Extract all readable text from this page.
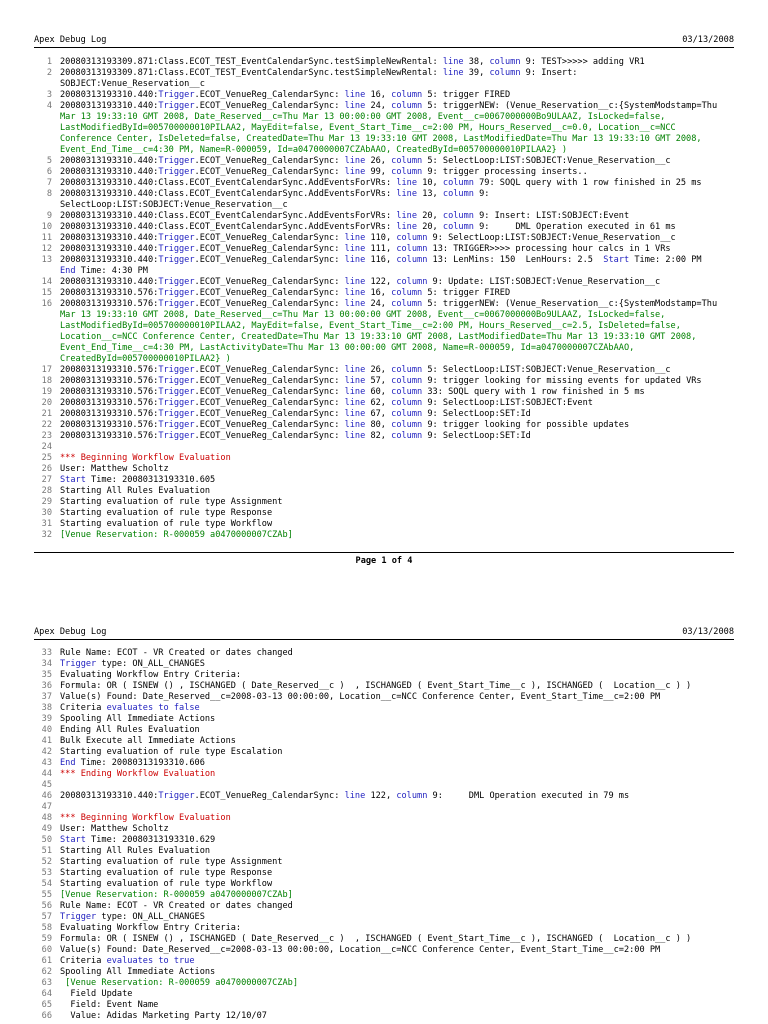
Apex Debug Log	03/13/2008
1 20080313193309.871:Class.ECOT_TEST_EventCalendarSync.testSimpleNewRental: line 38, column 9: TEST>>>>> adding VR1
2 20080313193309.871:Class.ECOT_TEST_EventCalendarSync.testSimpleNewRental: line 39, column 9: Insert:
SOBJECT:Venue_Reservation__c
3 20080313193310.440:Trigger.ECOT_VenueReg_CalendarSync: line 16, column 5: trigger FIRED
4 20080313193310.440:Trigger.ECOT_VenueReg_CalendarSync: line 24, column 5: triggerNEW: (Venue_Reservation__c:{SystemModstamp=Thu
Mar 13 19:33:10 GMT 2008, Date_Reserved__c=Thu Mar 13 00:00:00 GMT 2008, Event__c=0067000000Bo9ULAAZ, IsLocked=false,
LastModifiedById=005700000010PILAA2, MayEdit=false, Event_Start_Time__c=2:00 PM, Hours_Reserved__c=0.0, Location__c=NCC
Conference Center, IsDeleted=false, CreatedDate=Thu Mar 13 19:33:10 GMT 2008, LastModifiedDate=Thu Mar 13 19:33:10 GMT 2008,
Event_End_Time__c=4:30 PM, Name=R-000059, Id=a0470000007CZAbAAO, CreatedById=005700000010PILAA2} )
5 20080313193310.440:Trigger.ECOT_VenueReg_CalendarSync: line 26, column 5: SelectLoop:LIST:SOBJECT:Venue_Reservation__c
6 20080313193310.440:Trigger.ECOT_VenueReg_CalendarSync: line 99, column 9: trigger processing inserts..
7 20080313193310.440:Class.ECOT_EventCalendarSync.AddEventsForVRs: line 10, column 79: SOQL query with 1 row finished in 25 ms
8 20080313193310.440:Class.ECOT_EventCalendarSync.AddEventsForVRs: line 13, column 9:
SelectLoop:LIST:SOBJECT:Venue_Reservation__c
9 20080313193310.440:Class.ECOT_EventCalendarSync.AddEventsForVRs: line 20, column 9: Insert: LIST:SOBJECT:Event
10 20080313193310.440:Class.ECOT_EventCalendarSync.AddEventsForVRs: line 20, column 9:     DML Operation executed in 61 ms
11 20080313193310.440:Trigger.ECOT_VenueReg_CalendarSync: line 110, column 9: SelectLoop:LIST:SOBJECT:Venue_Reservation__c
12 20080313193310.440:Trigger.ECOT_VenueReg_CalendarSync: line 111, column 13: TRIGGER>>>> processing hour calcs in 1 VRs
13 20080313193310.440:Trigger.ECOT_VenueReg_CalendarSync: line 116, column 13: LenMins: 150  LenHours: 2.5  Start Time: 2:00 PM
End Time: 4:30 PM
14 20080313193310.440:Trigger.ECOT_VenueReg_CalendarSync: line 122, column 9: Update: LIST:SOBJECT:Venue_Reservation__c
15 20080313193310.576:Trigger.ECOT_VenueReg_CalendarSync: line 16, column 5: trigger FIRED
16 20080313193310.576:Trigger.ECOT_VenueReg_CalendarSync: line 24, column 5: triggerNEW: (Venue_Reservation__c:{SystemModstamp=Thu
Mar 13 19:33:10 GMT 2008, Date_Reserved__c=Thu Mar 13 00:00:00 GMT 2008, Event__c=0067000000Bo9ULAAZ, IsLocked=false,
LastModifiedById=005700000010PILAA2, MayEdit=false, Event_Start_Time__c=2:00 PM, Hours_Reserved__c=2.5, IsDeleted=false,
Location__c=NCC Conference Center, CreatedDate=Thu Mar 13 19:33:10 GMT 2008, LastModifiedDate=Thu Mar 13 19:33:10 GMT 2008,
Event_End_Time__c=4:30 PM, LastActivityDate=Thu Mar 13 00:00:00 GMT 2008, Name=R-000059, Id=a0470000007CZAbAAO,
CreatedById=005700000010PILAA2} )
17 20080313193310.576:Trigger.ECOT_VenueReg_CalendarSync: line 26, column 5: SelectLoop:LIST:SOBJECT:Venue_Reservation__c
18 20080313193310.576:Trigger.ECOT_VenueReg_CalendarSync: line 57, column 9: trigger looking for missing events for updated VRs
19 20080313193310.576:Trigger.ECOT_VenueReg_CalendarSync: line 60, column 33: SOQL query with 1 row finished in 5 ms
20 20080313193310.576:Trigger.ECOT_VenueReg_CalendarSync: line 62, column 9: SelectLoop:LIST:SOBJECT:Event
21 20080313193310.576:Trigger.ECOT_VenueReg_CalendarSync: line 67, column 9: SelectLoop:SET:Id
22 20080313193310.576:Trigger.ECOT_VenueReg_CalendarSync: line 80, column 9: trigger looking for possible updates
23 20080313193310.576:Trigger.ECOT_VenueReg_CalendarSync: line 82, column 9: SelectLoop:SET:Id
24
25 *** Beginning Workflow Evaluation
26 User: Matthew Scholtz
27 Start Time: 20080313193310.605
28 Starting All Rules Evaluation
29 Starting evaluation of rule type Assignment
30 Starting evaluation of rule type Response
31 Starting evaluation of rule type Workflow
32 [Venue Reservation: R-000059 a0470000007CZAb]
Page 1 of 4
Apex Debug Log	03/13/2008
33 Rule Name: ECOT - VR Created or dates changed
34 Trigger type: ON_ALL_CHANGES
35 Evaluating Workflow Entry Criteria:
36 Formula: OR ( ISNEW () , ISCHANGED ( Date_Reserved__c )  , ISCHANGED ( Event_Start_Time__c ), ISCHANGED (  Location__c ) )
37 Value(s) Found: Date_Reserved__c=2008-03-13 00:00:00, Location__c=NCC Conference Center, Event_Start_Time__c=2:00 PM
38 Criteria evaluates to false
39 Spooling All Immediate Actions
40 Ending All Rules Evaluation
41 Bulk Execute all Immediate Actions
42 Starting evaluation of rule type Escalation
43 End Time: 20080313193310.606
44 *** Ending Workflow Evaluation
45
46 20080313193310.440:Trigger.ECOT_VenueReg_CalendarSync: line 122, column 9:     DML Operation executed in 79 ms
47
48 *** Beginning Workflow Evaluation
49 User: Matthew Scholtz
50 Start Time: 20080313193310.629
51 Starting All Rules Evaluation
52 Starting evaluation of rule type Assignment
53 Starting evaluation of rule type Response
54 Starting evaluation of rule type Workflow
55 [Venue Reservation: R-000059 a0470000007CZAb]
56 Rule Name: ECOT - VR Created or dates changed
57 Trigger type: ON_ALL_CHANGES
58 Evaluating Workflow Entry Criteria:
59 Formula: OR ( ISNEW () , ISCHANGED ( Date_Reserved__c )  , ISCHANGED ( Event_Start_Time__c ), ISCHANGED (  Location__c ) )
60 Value(s) Found: Date_Reserved__c=2008-03-13 00:00:00, Location__c=NCC Conference Center, Event_Start_Time__c=2:00 PM
61 Criteria evaluates to true
62 Spooling All Immediate Actions
63 [Venue Reservation: R-000059 a0470000007CZAb]
64 Field Update
65 Field: Event Name
66 Value: Adidas Marketing Party 12/10/07
